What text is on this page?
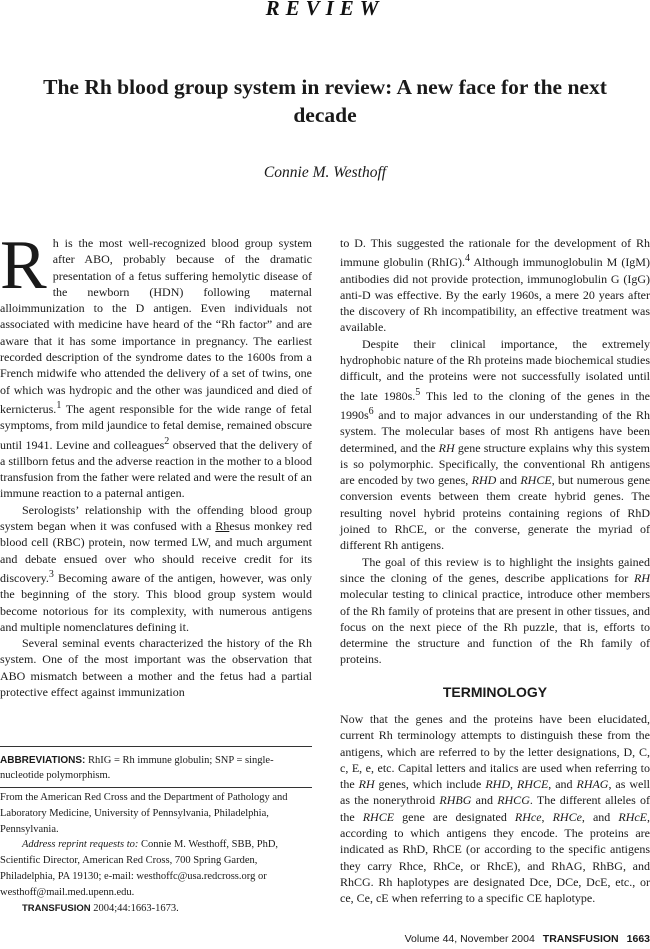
REVIEW
The Rh blood group system in review: A new face for the next decade
Connie M. Westhoff

Rh is the most well-recognized blood group system after ABO, probably because of the dramatic presentation of a fetus suffering hemolytic disease of the newborn (HDN) following maternal alloimmunization to the D antigen. Even individuals not associated with medicine have heard of the “Rh factor” and are aware that it has some importance in pregnancy. The earliest recorded description of the syndrome dates to the 1600s from a French midwife who attended the delivery of a set of twins, one of which was hydropic and the other was jaundiced and died of kernicterus.$^1$ The agent responsible for the wide range of fetal symptoms, from mild jaundice to fetal demise, remained obscure until 1941. Levine and colleagues$^2$ observed that the delivery of a stillborn fetus and the adverse reaction in the mother to a blood transfusion from the father were related and were the result of an immune reaction to a paternal antigen.

Serologists’ relationship with the offending blood group system began when it was confused with a Rhesus monkey red blood cell (RBC) protein, now termed LW, and much argument and debate ensued over who should receive credit for its discovery.$^3$ Becoming aware of the antigen, however, was only the beginning of the story. This blood group system would become notorious for its complexity, with numerous antigens and multiple nomenclatures defining it.

Several seminal events characterized the history of the Rh system. One of the most important was the observation that ABO mismatch between a mother and the fetus had a partial protective effect against immunization

to D. This suggested the rationale for the development of Rh immune globulin (RhIG).$^4$ Although immunoglobulin M (IgM) antibodies did not provide protection, immunoglobulin G (IgG) anti-D was effective. By the early 1960s, a mere 20 years after the discovery of Rh incompatibility, an effective treatment was available.

Despite their clinical importance, the extremely hydrophobic nature of the Rh proteins made biochemical studies difficult, and the proteins were not successfully isolated until the late 1980s.$^5$ This led to the cloning of the genes in the $1990s^6$ and to major advances in our understanding of the Rh system. The molecular bases of most Rh antigens have been determined, and the RH gene structure explains why this system is so polymorphic. Specifically, the conventional Rh antigens are encoded by two genes, RHD and RHCE, but numerous gene conversion events between them create hybrid genes. The resulting novel hybrid proteins containing regions of RhD joined to RhCE, or the converse, generate the myriad of different Rh antigens.

The goal of this review is to highlight the insights gained since the cloning of the genes, describe applications for RH molecular testing to clinical practice, introduce other members of the Rh family of proteins that are present in other tissues, and focus on the next piece of the Rh puzzle, that is, efforts to determine the structure and function of the Rh family of proteins.

TERMINOLOGY
Now that the genes and the proteins have been elucidated, current Rh terminology attempts to distinguish these from the antigens, which are referred to by the letter designations, D, C, c, E, e, etc. Capital letters and italics are used when referring to the RH genes, which include RHD, RHCE, and RHAG, as well as the nonerythroid RHBG and RHCG. The different alleles of the RHCE gene are designated RHce, RHCe, and RHcE, according to which antigens they encode. The proteins are indicated as RhD, RhCE (or according to the specific antigens they carry Rhce, RhCe, or RhcE), and RhAG, RhBG, and RhCG. Rh haplotypes are designated Dce, DCe, DcE, etc., or ce, Ce, cE when referring to a specific CE haplotype.
ABBREVIATIONS: RhIG = Rh immune globulin; SNP = single-nucleotide polymorphism.

From the American Red Cross and the Department of Pathology and Laboratory Medicine, University of Pennsylvania, Philadelphia, Pennsylvania.

Address reprint requests to: Connie M. Westhoff, SBB, PhD, Scientific Director, American Red Cross, 700 Spring Garden, Philadelphia, PA 19130; e-mail: westhoffc@usa.redcross.org or westhoff@mail.med.upenn.edu.

TRANSFUSION 2004;44:1663-1673.

Volume 44, November 2004 TRANSFUSION 1663
